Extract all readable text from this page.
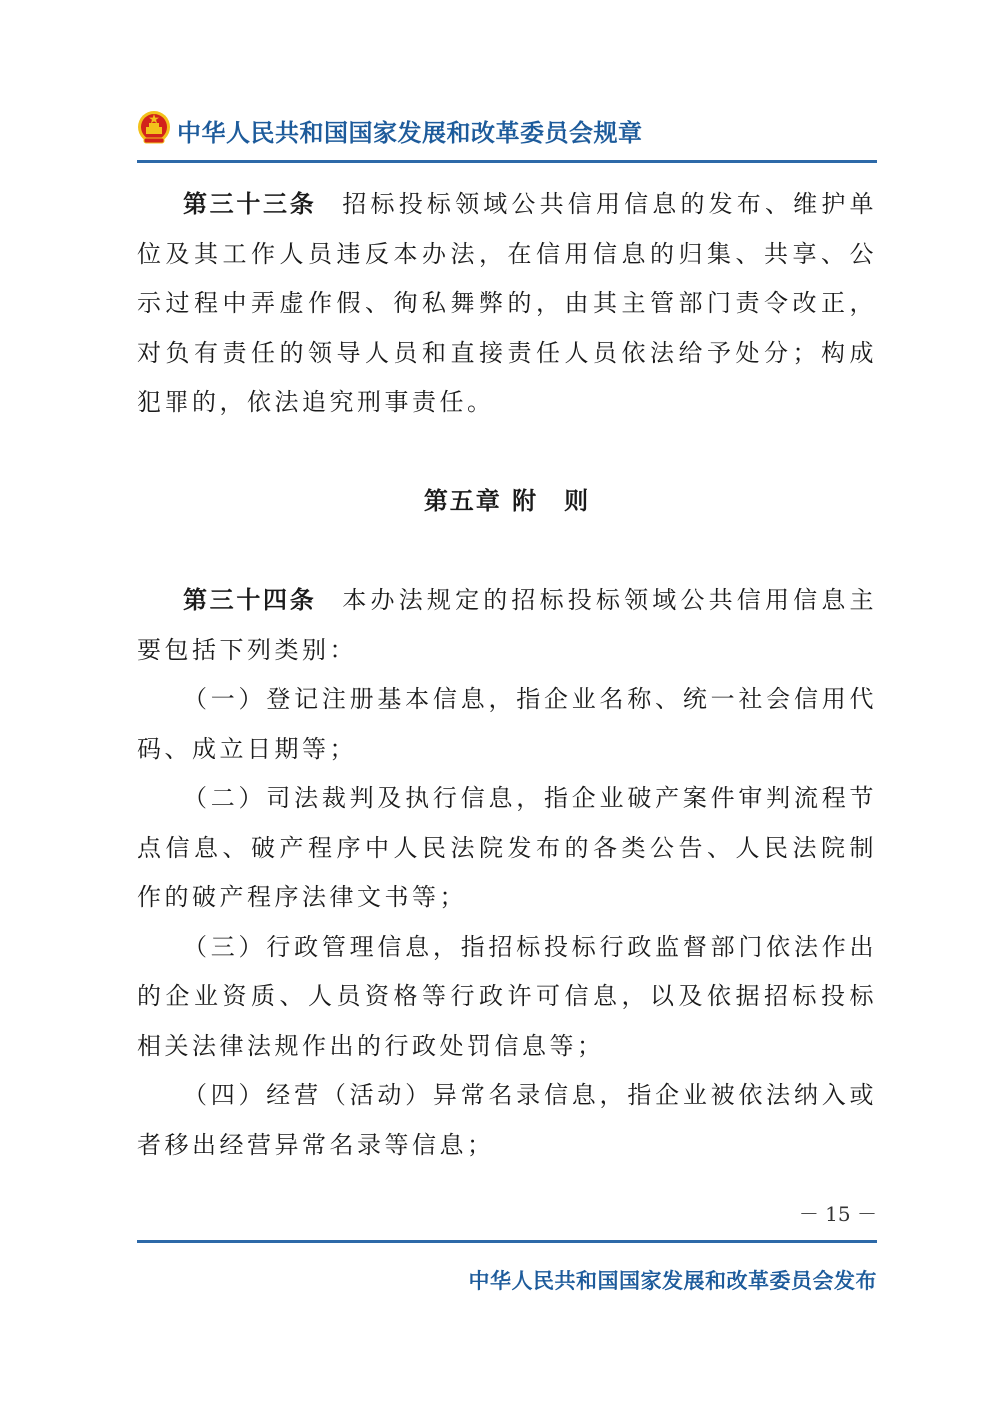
中华人民共和国国家发展和改革委员会规章

第三十三条 招标投标领域公共信用信息的发布、维护单位及其工作人员违反本办法，在信用信息的归集、共享、公示过程中弄虚作假、徇私舞弊的，由其主管部门责令改正，对负有责任的领导人员和直接责任人员依法给予处分；构成犯罪的，依法追究刑事责任。

第五章 附　则

第三十四条 本办法规定的招标投标领域公共信用信息主要包括下列类别：

（一）登记注册基本信息，指企业名称、统一社会信用代码、成立日期等；

（二）司法裁判及执行信息，指企业破产案件审判流程节点信息、破产程序中人民法院发布的各类公告、人民法院制作的破产程序法律文书等；

（三）行政管理信息，指招标投标行政监督部门依法作出的企业资质、人员资格等行政许可信息，以及依据招标投标相关法律法规作出的行政处罚信息等；

（四）经营（活动）异常名录信息，指企业被依法纳入或者移出经营异常名录等信息；

－ 15 －
中华人民共和国国家发展和改革委员会发布
